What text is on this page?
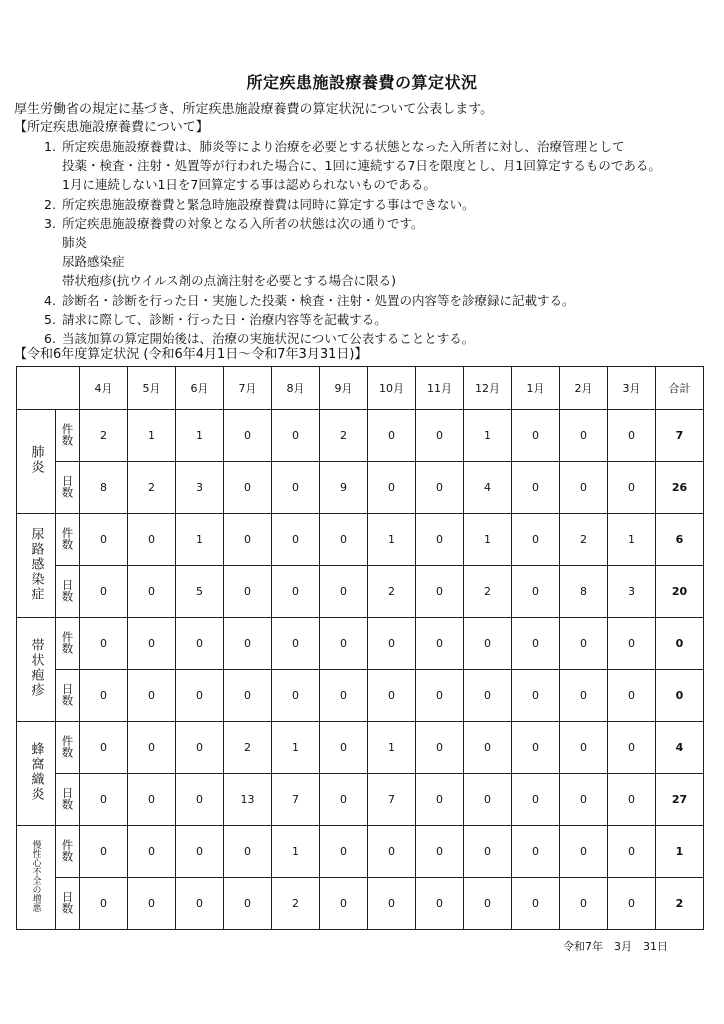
所定疾患施設療養費の算定状況
厚生労働省の規定に基づき、所定疾患施設療養費の算定状況について公表します。
【所定疾患施設療養費について】
1. 所定疾患施設療養費は、肺炎等により治療を必要とする状態となった入所者に対し、治療管理として
投薬・検査・注射・処置等が行われた場合に、1回に連続する7日を限度とし、月1回算定するものである。
1月に連続しない1日を7回算定する事は認められないものである。
2. 所定疾患施設療養費と緊急時施設療養費は同時に算定する事はできない。
3. 所定疾患施設療養費の対象となる入所者の状態は次の通りです。
肺炎
尿路感染症
帯状疱疹(抗ウイルス剤の点滴注射を必要とする場合に限る)
4. 診断名・診断を行った日・実施した投薬・検査・注射・処置の内容等を診療録に記載する。
5. 請求に際して、診断・行った日・治療内容等を記載する。
6. 当該加算の算定開始後は、治療の実施状況について公表することとする。
【令和6年度算定状況 (令和6年4月1日～令和7年3月31日)】
		4月	5月	6月	7月	8月	9月	10月	11月	12月	1月	2月	3月	合計
肺炎	件数	2	1	1	0	0	2	0	0	1	0	0	0	7
	日数	8	2	3	0	0	9	0	0	4	0	0	0	26
尿路感染症	件数	0	0	1	0	0	0	1	0	1	0	2	1	6
	日数	0	0	5	0	0	0	2	0	2	0	8	3	20
帯状疱疹	件数	0	0	0	0	0	0	0	0	0	0	0	0	0
	日数	0	0	0	0	0	0	0	0	0	0	0	0	0
蜂窩織炎	件数	0	0	0	2	1	0	1	0	0	0	0	0	4
	日数	0	0	0	13	7	0	7	0	0	0	0	0	27
慢性心不全の増悪	件数	0	0	0	0	1	0	0	0	0	0	0	0	1
	日数	0	0	0	0	2	0	0	0	0	0	0	0	2
令和7年　3月　31日
